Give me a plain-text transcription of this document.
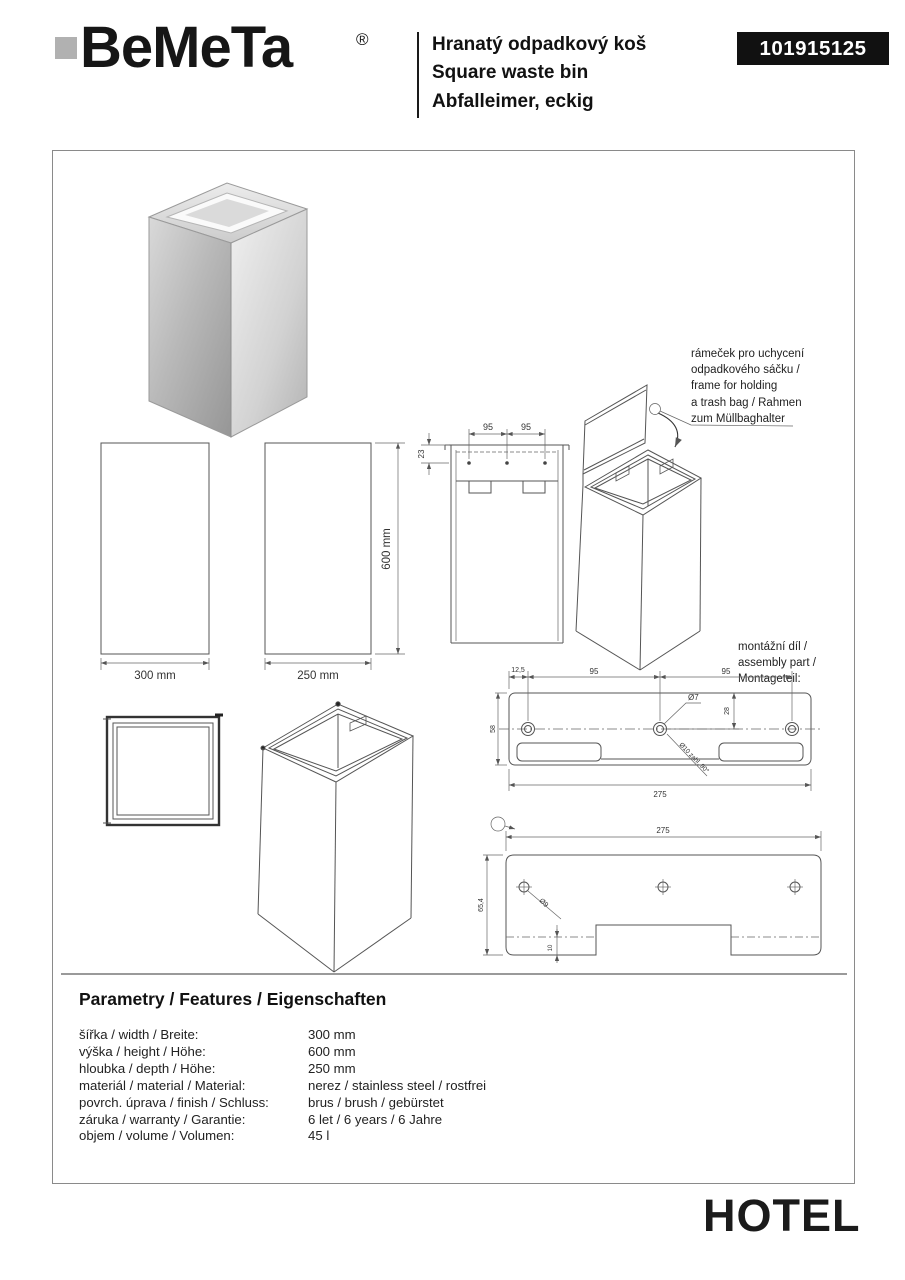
BeMeTa	®	Hranatý odpadkový koš
Square waste bin
Abfalleimer, eckig
101915125
300 mm	250 mm
600 mm
95	95
23
rámeček pro uchycení
odpadkového sáčku /
frame for holding
a trash bag / Rahmen
zum Müllbaghalter
montážní díl /
assembly part /
Montageteil:
12,5	95	95
58
28
Ø7
Ø10 zahl. 90°
275
275
Ø9
65,4
10
Parametry / Features / Eigenschaften
šířka / width / Breite:	300 mm
výška / height / Höhe:	600 mm
hloubka / depth / Höhe:	250 mm
materiál / material / Material:	nerez / stainless steel / rostfrei
povrch. úprava / finish / Schluss:	brus / brush / gebürstet
záruka / warranty / Garantie:	6 let / 6 years / 6 Jahre
objem / volume / Volumen:	45 l
HOTEL
